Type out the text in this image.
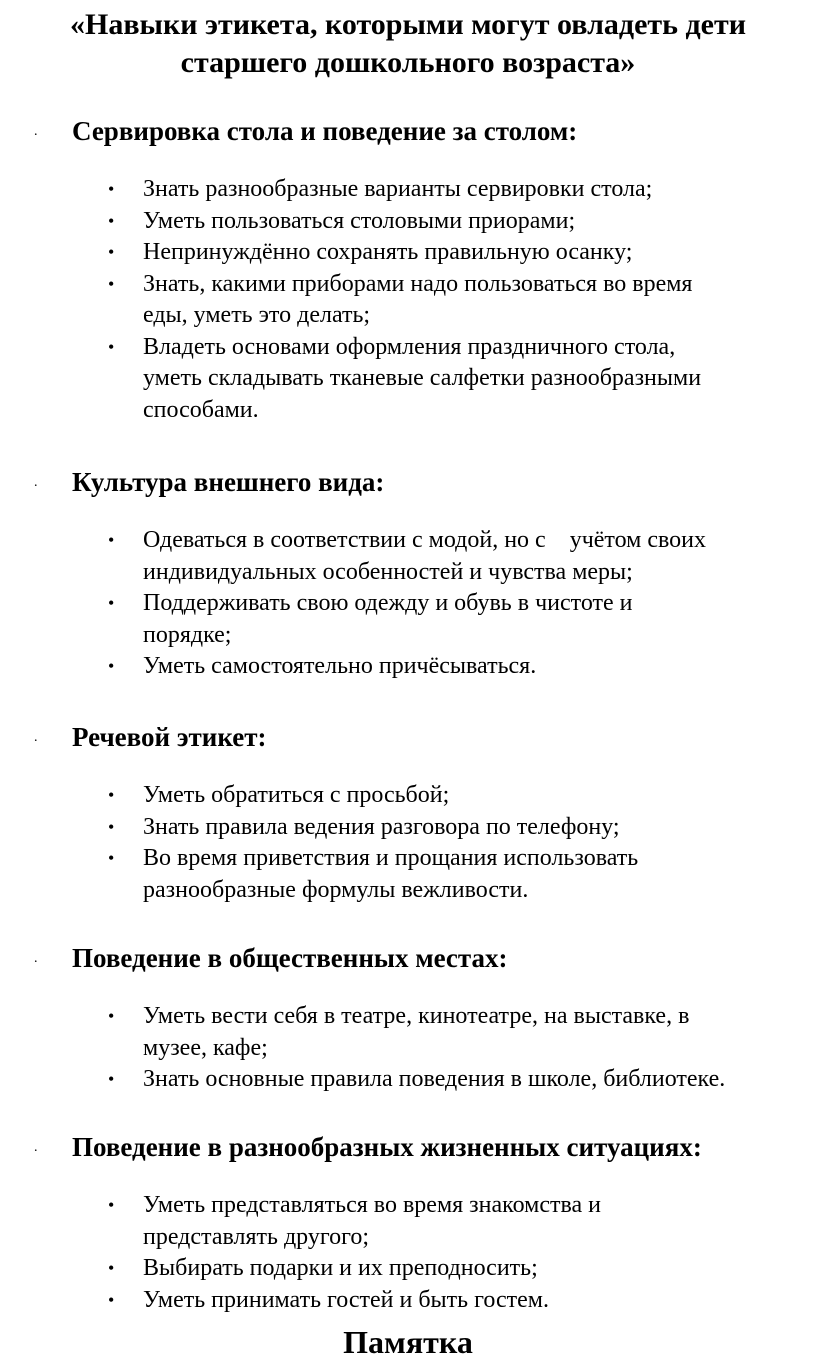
«Навыки этикета, которыми могут овладеть дети
старшего дошкольного возраста»
. Сервировка стола и поведение за столом:
• Знать разнообразные варианты сервировки стола;
• Уметь пользоваться столовыми приорами;
• Непринуждённо сохранять правильную осанку;
• Знать, какими приборами надо пользоваться во время
еды, уметь это делать;
• Владеть основами оформления праздничного стола,
уметь складывать тканевые салфетки разнообразными
способами.
. Культура внешнего вида:
• Одеваться в соответствии с модой, но с    учётом своих
индивидуальных особенностей и чувства меры;
• Поддерживать свою одежду и обувь в чистоте и
порядке;
• Уметь самостоятельно причёсываться.
. Речевой этикет:
• Уметь обратиться с просьбой;
• Знать правила ведения разговора по телефону;
• Во время приветствия и прощания использовать
разнообразные формулы вежливости.
. Поведение в общественных местах:
• Уметь вести себя в театре, кинотеатре, на выставке, в
музее, кафе;
• Знать основные правила поведения в школе, библиотеке.
. Поведение в разнообразных жизненных ситуациях:
• Уметь представляться во время знакомства и
представлять другого;
• Выбирать подарки и их преподносить;
• Уметь принимать гостей и быть гостем.
Памятка
